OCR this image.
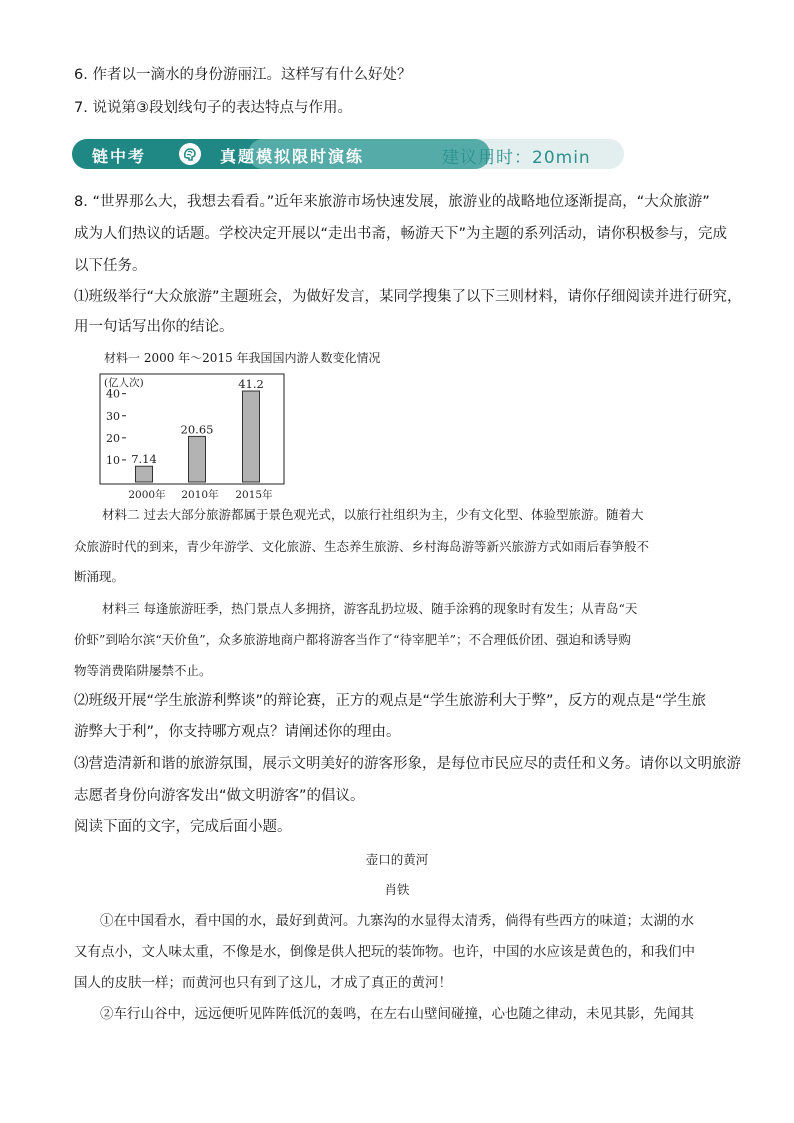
6. 作者以一滴水的身份游丽江。这样写有什么好处？
7. 说说第③段划线句子的表达特点与作用。
链中考	真题模拟限时演练	建议用时：20min
8. “世界那么大，我想去看看。”近年来旅游市场快速发展，旅游业的战略地位逐渐提高，“大众旅游”
成为人们热议的话题。学校决定开展以“走出书斋，畅游天下”为主题的系列活动，请你积极参与，完成
以下任务。
⑴班级举行“大众旅游”主题班会，为做好发言，某同学搜集了以下三则材料，请你仔细阅读并进行研究，
用一句话写出你的结论。
材料一 2000 年～2015 年我国国内游人数变化情况
(亿人次)
10
20
30
40
7.14
2000年
20.65
2010年
41.2
2015年
材料二 过去大部分旅游都属于景色观光式，以旅行社组织为主，少有文化型、体验型旅游。随着大
众旅游时代的到来，青少年游学、文化旅游、生态养生旅游、乡村海岛游等新兴旅游方式如雨后春笋般不
断涌现。
材料三 每逢旅游旺季，热门景点人多拥挤，游客乱扔垃圾、随手涂鸦的现象时有发生；从青岛“天
价虾”到哈尔滨“天价鱼”，众多旅游地商户都将游客当作了“待宰肥羊”；不合理低价团、强迫和诱导购
物等消费陷阱屡禁不止。
⑵班级开展“学生旅游利弊谈”的辩论赛，正方的观点是“学生旅游利大于弊”，反方的观点是“学生旅
游弊大于利”，你支持哪方观点？请阐述你的理由。
⑶营造清新和谐的旅游氛围，展示文明美好的游客形象，是每位市民应尽的责任和义务。请你以文明旅游
志愿者身份向游客发出“做文明游客”的倡议。
阅读下面的文字，完成后面小题。
壶口的黄河
肖铁
①在中国看水，看中国的水，最好到黄河。九寨沟的水显得太清秀，倘得有些西方的味道；太湖的水
又有点小，文人味太重，不像是水，倒像是供人把玩的装饰物。也许，中国的水应该是黄色的，和我们中
国人的皮肤一样；而黄河也只有到了这儿，才成了真正的黄河！
②车行山谷中，远远便听见阵阵低沉的轰鸣，在左右山壁间碰撞，心也随之律动，未见其影，先闻其
